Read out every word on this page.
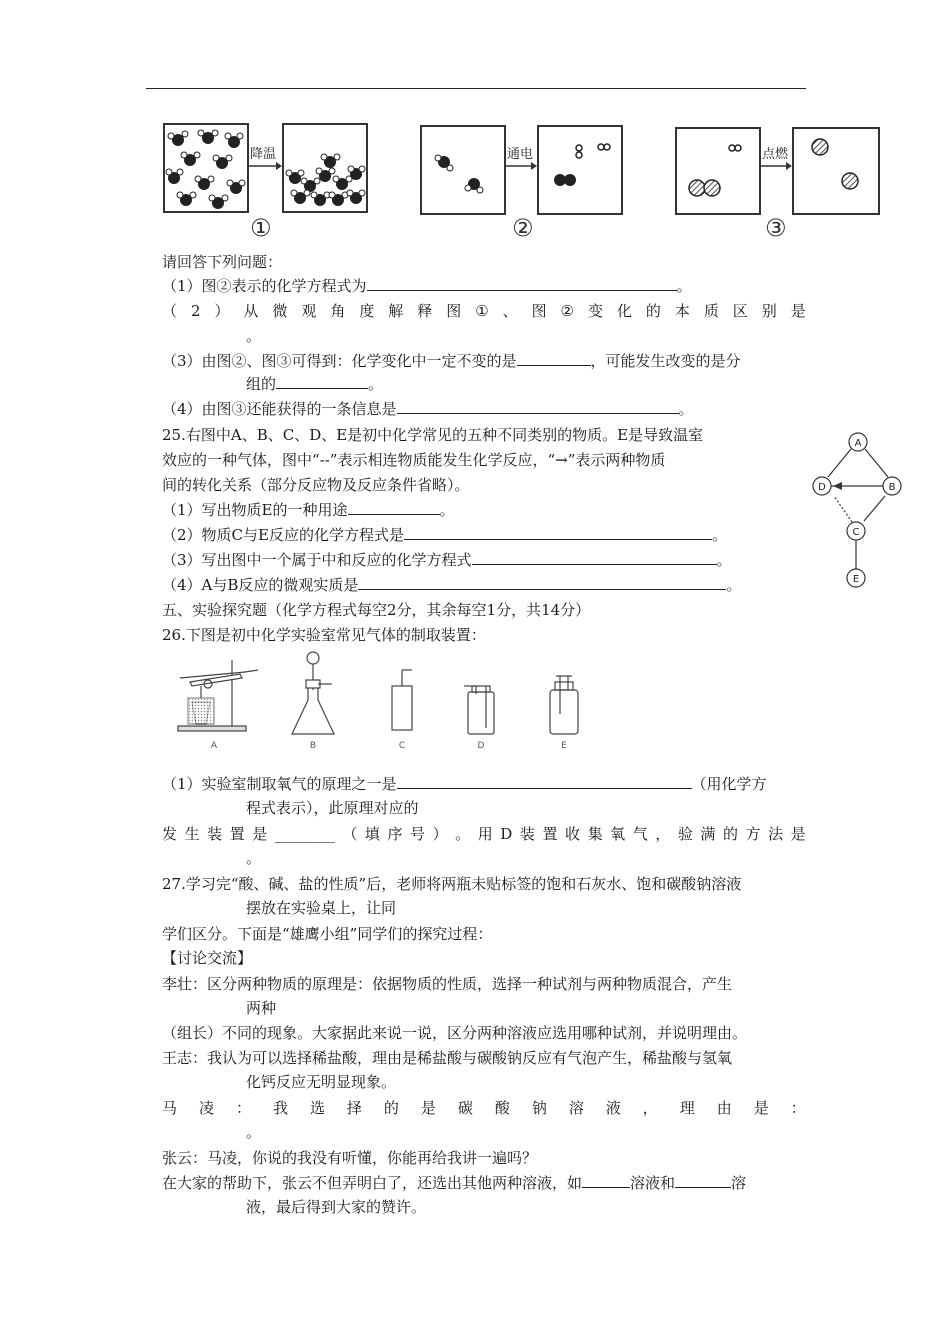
降温
①
通电
②
点燃
③
请回答下列问题：
（1）图②表示的化学方程式为	。
（ 2 ） 从 微 观 角 度 解 释 图 ① 、 图 ② 变 化 的 本 质 区 别 是
。
（3）由图②、图③可得到：化学变化中一定不变的是	，可能发生改变的是分
组的	。
（4）由图③还能获得的一条信息是	。
25.右图中A、B、C、D、E是初中化学常见的五种不同类别的物质。E是导致温室
效应的一种气体，图中“--”表示相连物质能发生化学反应，“→”表示两种物质
间的转化关系（部分反应物及反应条件省略）。
（1）写出物质E的一种用途	。
（2）物质C与E反应的化学方程式是	。
（3）写出图中一个属于中和反应的化学方程式	。
（4）A与B反应的微观实质是	。
A
D	B
C
E
五、实验探究题（化学方程式每空2分，其余每空1分，共14分）
26.下图是初中化学实验室常见气体的制取装置：
A	B	C	D	E
（1）实验室制取氧气的原理之一是	（用化学方
程式表示），此原理对应的
发 生 装 置 是 ________ （ 填 序 号 ） 。 用 D 装 置 收 集 氧 气 ， 验 满 的 方 法 是
。
27.学习完“酸、碱、盐的性质”后，老师将两瓶未贴标签的饱和石灰水、饱和碳酸钠溶液
摆放在实验桌上，让同
学们区分。下面是“雄鹰小组”同学们的探究过程：
【讨论交流】
李壮：区分两种物质的原理是：依据物质的性质，选择一种试剂与两种物质混合，产生
两种
（组长）不同的现象。大家据此来说一说，区分两种溶液应选用哪种试剂，并说明理由。
王志：我认为可以选择稀盐酸，理由是稀盐酸与碳酸钠反应有气泡产生，稀盐酸与氢氧
化钙反应无明显现象。
马 凌 ： 我 选 择 的 是 碳 酸 钠 溶 液 ， 理 由 是 ：
。
张云：马凌，你说的我没有听懂，你能再给我讲一遍吗？
在大家的帮助下，张云不但弄明白了，还选出其他两种溶液，如	溶液和	溶
液，最后得到大家的赞许。
